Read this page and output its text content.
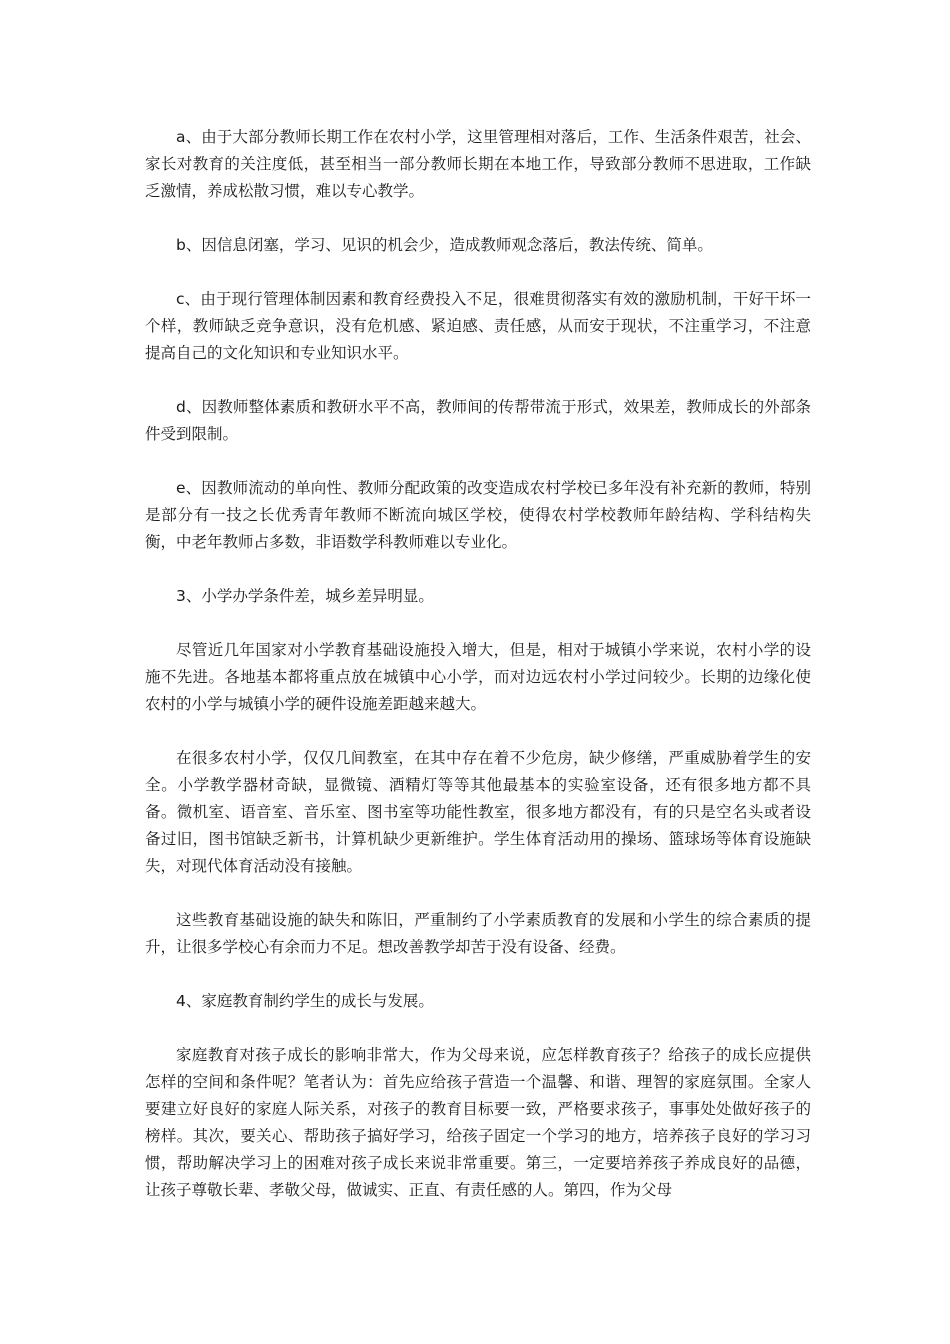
a、由于大部分教师长期工作在农村小学，这里管理相对落后，工作、生活条件艰苦，社会、家长对教育的关注度低，甚至相当一部分教师长期在本地工作，导致部分教师不思进取，工作缺乏激情，养成松散习惯，难以专心教学。

b、因信息闭塞，学习、见识的机会少，造成教师观念落后，教法传统、简单。

c、由于现行管理体制因素和教育经费投入不足，很难贯彻落实有效的激励机制，干好干坏一个样，教师缺乏竞争意识，没有危机感、紧迫感、责任感，从而安于现状，不注重学习，不注意提高自己的文化知识和专业知识水平。

d、因教师整体素质和教研水平不高，教师间的传帮带流于形式，效果差，教师成长的外部条件受到限制。

e、因教师流动的单向性、教师分配政策的改变造成农村学校已多年没有补充新的教师，特别是部分有一技之长优秀青年教师不断流向城区学校，使得农村学校教师年龄结构、学科结构失衡，中老年教师占多数，非语数学科教师难以专业化。

3、小学办学条件差，城乡差异明显。

尽管近几年国家对小学教育基础设施投入增大，但是，相对于城镇小学来说，农村小学的设施不先进。各地基本都将重点放在城镇中心小学，而对边远农村小学过问较少。长期的边缘化使农村的小学与城镇小学的硬件设施差距越来越大。

在很多农村小学，仅仅几间教室，在其中存在着不少危房，缺少修缮，严重威胁着学生的安全。小学教学器材奇缺，显微镜、酒精灯等等其他最基本的实验室设备，还有很多地方都不具备。微机室、语音室、音乐室、图书室等功能性教室，很多地方都没有，有的只是空名头或者设备过旧，图书馆缺乏新书，计算机缺少更新维护。学生体育活动用的操场、篮球场等体育设施缺失，对现代体育活动没有接触。

这些教育基础设施的缺失和陈旧，严重制约了小学素质教育的发展和小学生的综合素质的提升，让很多学校心有余而力不足。想改善教学却苦于没有设备、经费。

4、家庭教育制约学生的成长与发展。

家庭教育对孩子成长的影响非常大，作为父母来说，应怎样教育孩子？给孩子的成长应提供怎样的空间和条件呢？笔者认为：首先应给孩子营造一个温馨、和谐、理智的家庭氛围。全家人要建立好良好的家庭人际关系，对孩子的教育目标要一致，严格要求孩子，事事处处做好孩子的榜样。其次，要关心、帮助孩子搞好学习，给孩子固定一个学习的地方，培养孩子良好的学习习惯，帮助解决学习上的困难对孩子成长来说非常重要。第三，一定要培养孩子养成良好的品德，让孩子尊敬长辈、孝敬父母，做诚实、正直、有责任感的人。第四，作为父母
